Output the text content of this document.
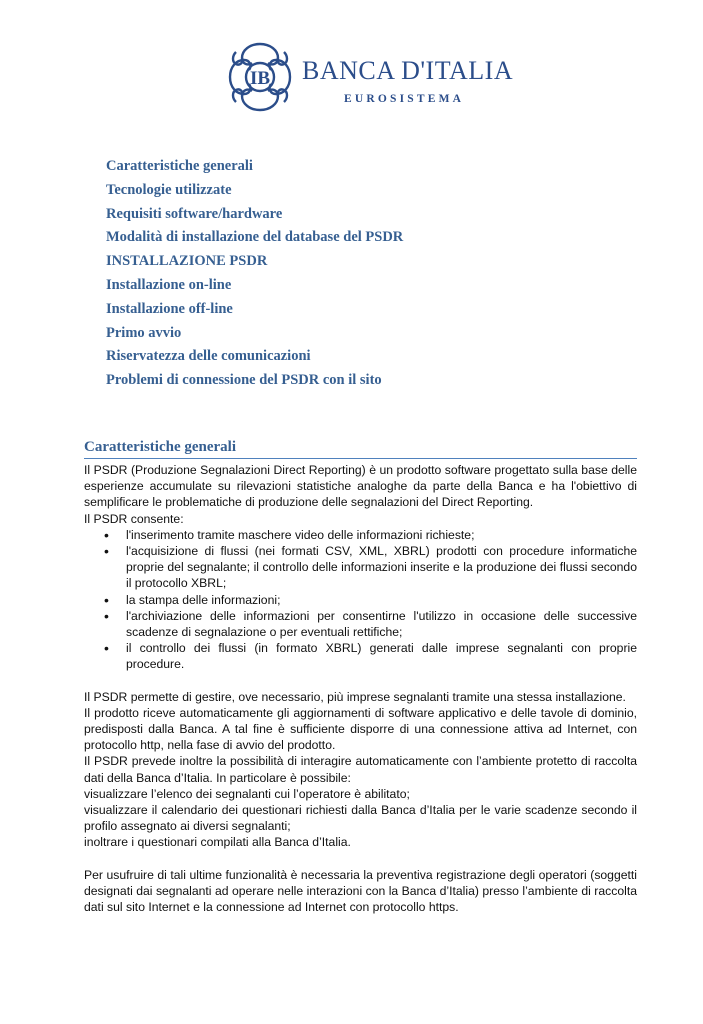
IB BANCA D'ITALIA
EUROSISTEMA
Caratteristiche generali
Tecnologie utilizzate
Requisiti software/hardware
Modalità di installazione del database del PSDR
INSTALLAZIONE PSDR
Installazione on-line
Installazione off-line
Primo avvio
Riservatezza delle comunicazioni
Problemi di connessione del PSDR con il sito
Caratteristiche generali

Il PSDR (Produzione Segnalazioni Direct Reporting) è un prodotto software progettato sulla base delle esperienze accumulate su rilevazioni statistiche analoghe da parte della Banca e ha l'obiettivo di semplificare le problematiche di produzione delle segnalazioni del Direct Reporting.

Il PSDR consente:

• l'inserimento tramite maschere video delle informazioni richieste;
• l'acquisizione di flussi (nei formati CSV, XML, XBRL) prodotti con procedure informatiche proprie del segnalante; il controllo delle informazioni inserite e la produzione dei flussi secondo il protocollo XBRL;
• la stampa delle informazioni;
• l'archiviazione delle informazioni per consentirne l'utilizzo in occasione delle successive scadenze di segnalazione o per eventuali rettifiche;
• il controllo dei flussi (in formato XBRL) generati dalle imprese segnalanti con proprie procedure.

Il PSDR permette di gestire, ove necessario, più imprese segnalanti tramite una stessa installazione.

Il prodotto riceve automaticamente gli aggiornamenti di software applicativo e delle tavole di dominio, predisposti dalla Banca. A tal fine è sufficiente disporre di una connessione attiva ad Internet, con protocollo http, nella fase di avvio del prodotto.

Il PSDR prevede inoltre la possibilità di interagire automaticamente con l’ambiente protetto di raccolta dati della Banca d’Italia. In particolare è possibile:

visualizzare l’elenco dei segnalanti cui l’operatore è abilitato;

visualizzare il calendario dei questionari richiesti dalla Banca d’Italia per le varie scadenze secondo il profilo assegnato ai diversi segnalanti;

inoltrare i questionari compilati alla Banca d’Italia.

Per usufruire di tali ultime funzionalità è necessaria la preventiva registrazione degli operatori (soggetti designati dai segnalanti ad operare nelle interazioni con la Banca d’Italia) presso l’ambiente di raccolta dati sul sito Internet e la connessione ad Internet con protocollo https.
